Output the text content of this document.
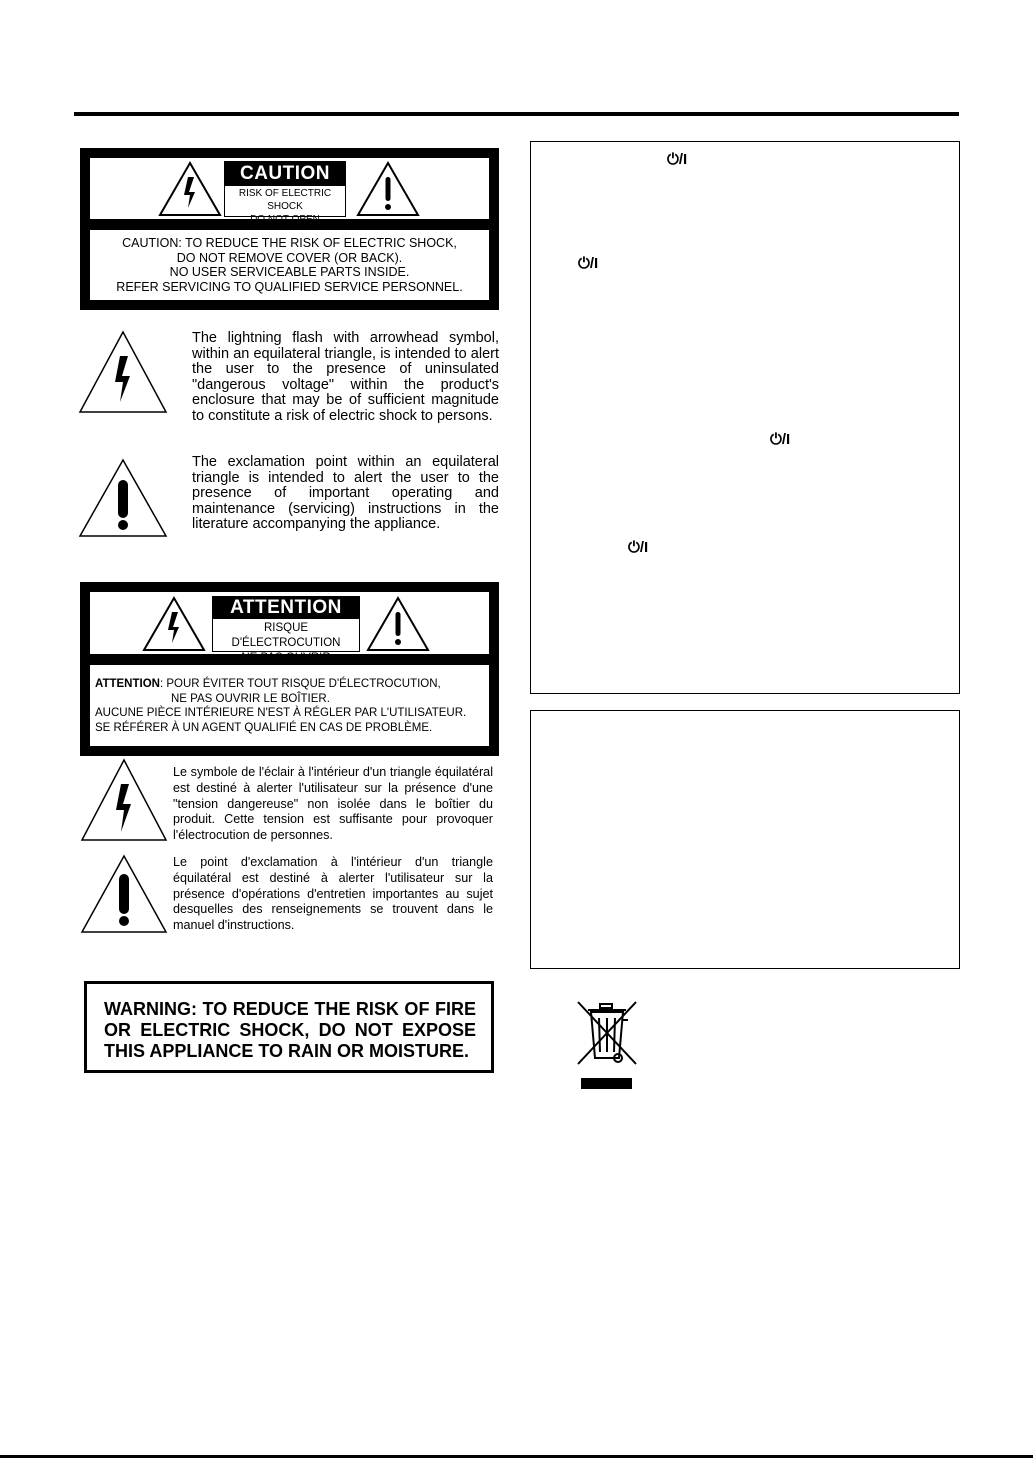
CAUTION
RISK OF ELECTRIC SHOCK
DO NOT OPEN
CAUTION: TO REDUCE THE RISK OF ELECTRIC SHOCK,
DO NOT REMOVE COVER (OR BACK).
NO USER SERVICEABLE PARTS INSIDE.
REFER SERVICING TO QUALIFIED SERVICE PERSONNEL.
The lightning flash with arrowhead symbol, within an equilateral triangle, is intended to alert the user to the presence of uninsulated "dangerous voltage" within the product's enclosure that may be of sufficient magnitude to constitute a risk of electric shock to persons.
The exclamation point within an equilateral triangle is intended to alert the user to the presence of important operating and maintenance (servicing) instructions in the literature accompanying the appliance.
ATTENTION
RISQUE D'ÉLECTROCUTION
NE PAS OUVRIR
ATTENTION: POUR ÉVITER TOUT RISQUE D'ÉLECTROCUTION,
NE PAS OUVRIR LE BOÎTIER.
AUCUNE PIÈCE INTÉRIEURE N'EST À RÉGLER PAR L'UTILISATEUR.
SE RÉFÉRER À UN AGENT QUALIFIÉ EN CAS DE PROBLÈME.
Le symbole de l'éclair à l'intérieur d'un triangle équilatéral est destiné à alerter l'utilisateur sur la présence d'une "tension dangereuse" non isolée dans le boîtier du produit. Cette tension est suffisante pour provoquer l'électrocution de personnes.
Le point d'exclamation à l'intérieur d'un triangle équilatéral est destiné à alerter l'utilisateur sur la présence d'opérations d'entretien importantes au sujet desquelles des renseignements se trouvent dans le manuel d'instructions.
WARNING: TO REDUCE THE RISK OF FIRE
OR ELECTRIC SHOCK, DO NOT EXPOSE
THIS APPLIANCE TO RAIN OR MOISTURE.
⏻/I
⏻/I
⏻/I
⏻/I
